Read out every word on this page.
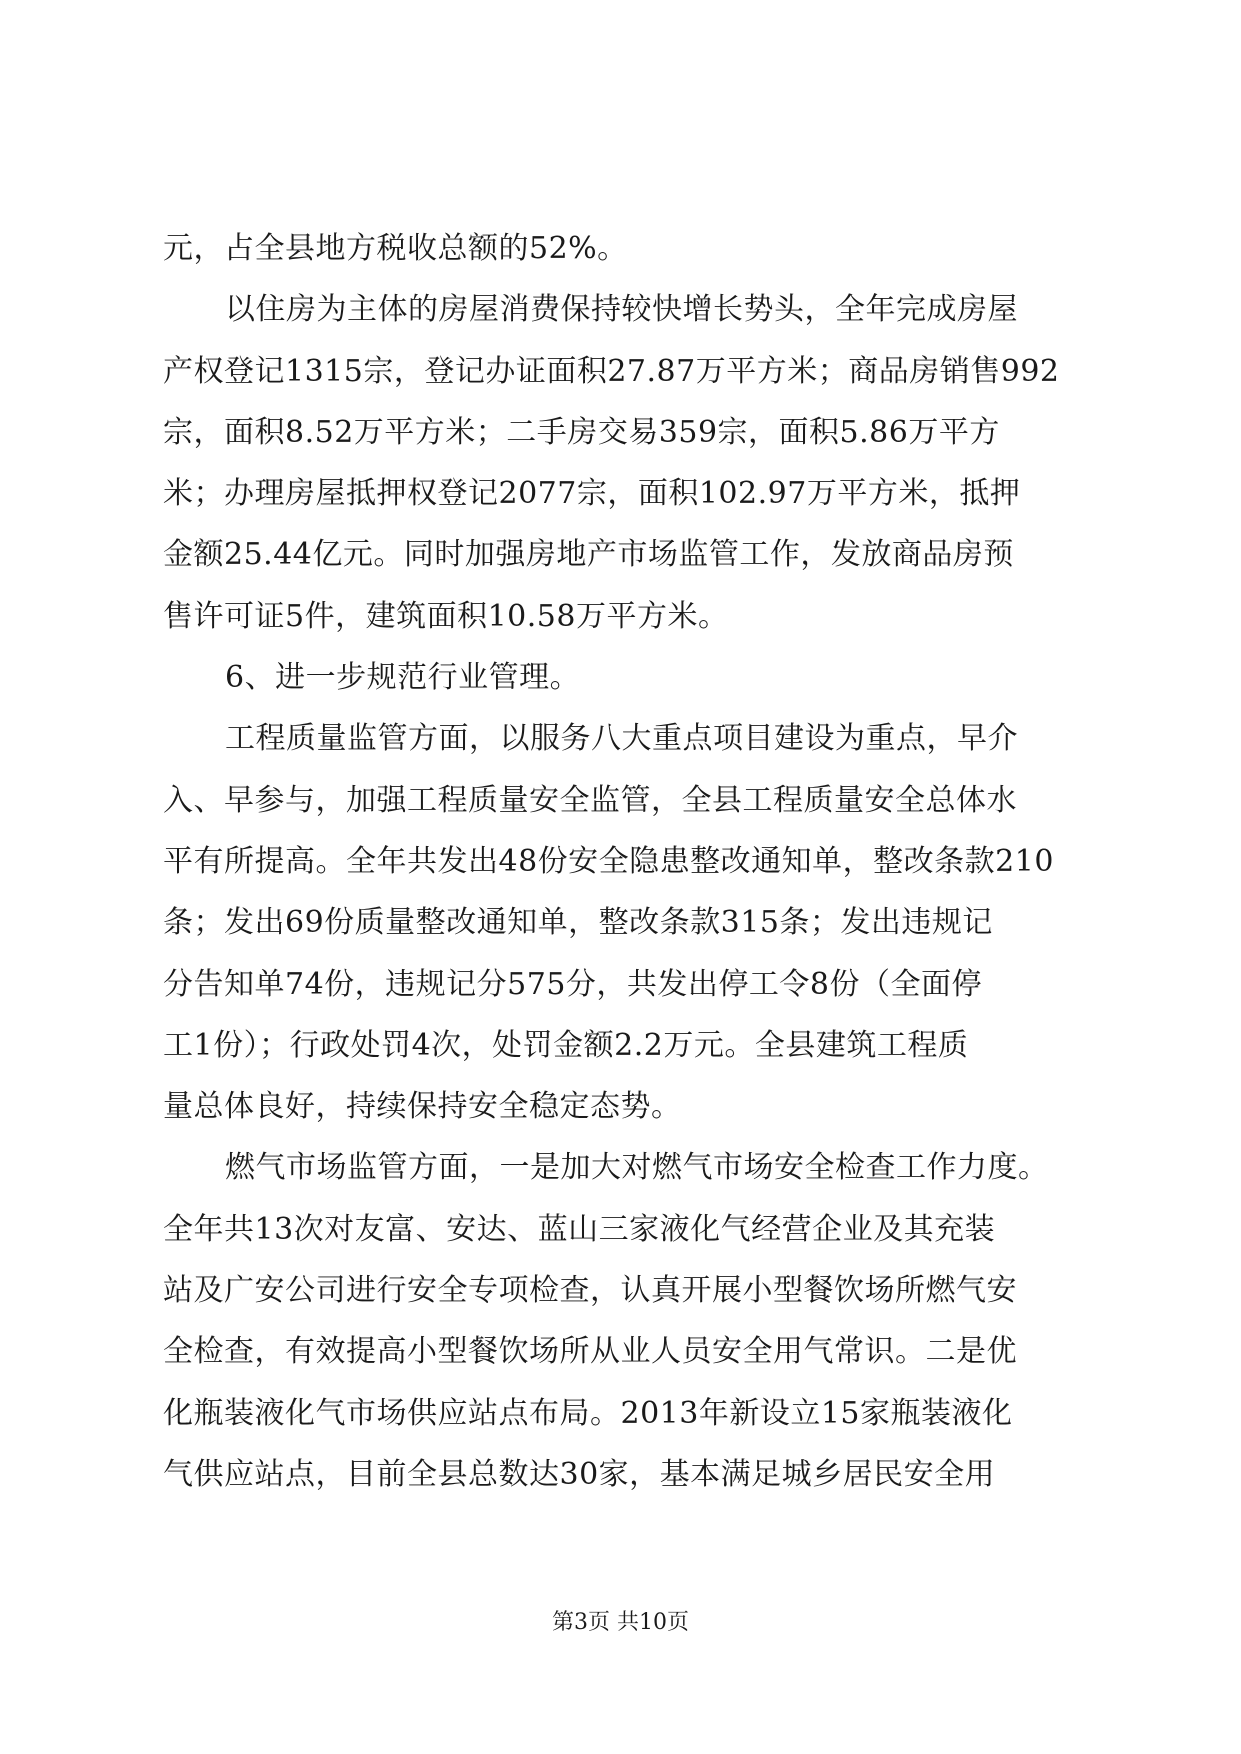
元，占全县地方税收总额的52%。
以住房为主体的房屋消费保持较快增长势头，全年完成房屋
产权登记1315宗，登记办证面积27.87万平方米；商品房销售992
宗，面积8.52万平方米；二手房交易359宗，面积5.86万平方
米；办理房屋抵押权登记2077宗，面积102.97万平方米，抵押
金额25.44亿元。同时加强房地产市场监管工作，发放商品房预
售许可证5件，建筑面积10.58万平方米。
6、进一步规范行业管理。
工程质量监管方面，以服务八大重点项目建设为重点，早介
入、早参与，加强工程质量安全监管，全县工程质量安全总体水
平有所提高。全年共发出48份安全隐患整改通知单，整改条款210
条；发出69份质量整改通知单，整改条款315条；发出违规记
分告知单74份，违规记分575分，共发出停工令8份（全面停
工1份）；行政处罚4次，处罚金额2.2万元。全县建筑工程质
量总体良好，持续保持安全稳定态势。
燃气市场监管方面，一是加大对燃气市场安全检查工作力度。
全年共13次对友富、安达、蓝山三家液化气经营企业及其充装
站及广安公司进行安全专项检查，认真开展小型餐饮场所燃气安
全检查，有效提高小型餐饮场所从业人员安全用气常识。二是优
化瓶装液化气市场供应站点布局。2013年新设立15家瓶装液化
气供应站点，目前全县总数达30家，基本满足城乡居民安全用
第3页 共10页
